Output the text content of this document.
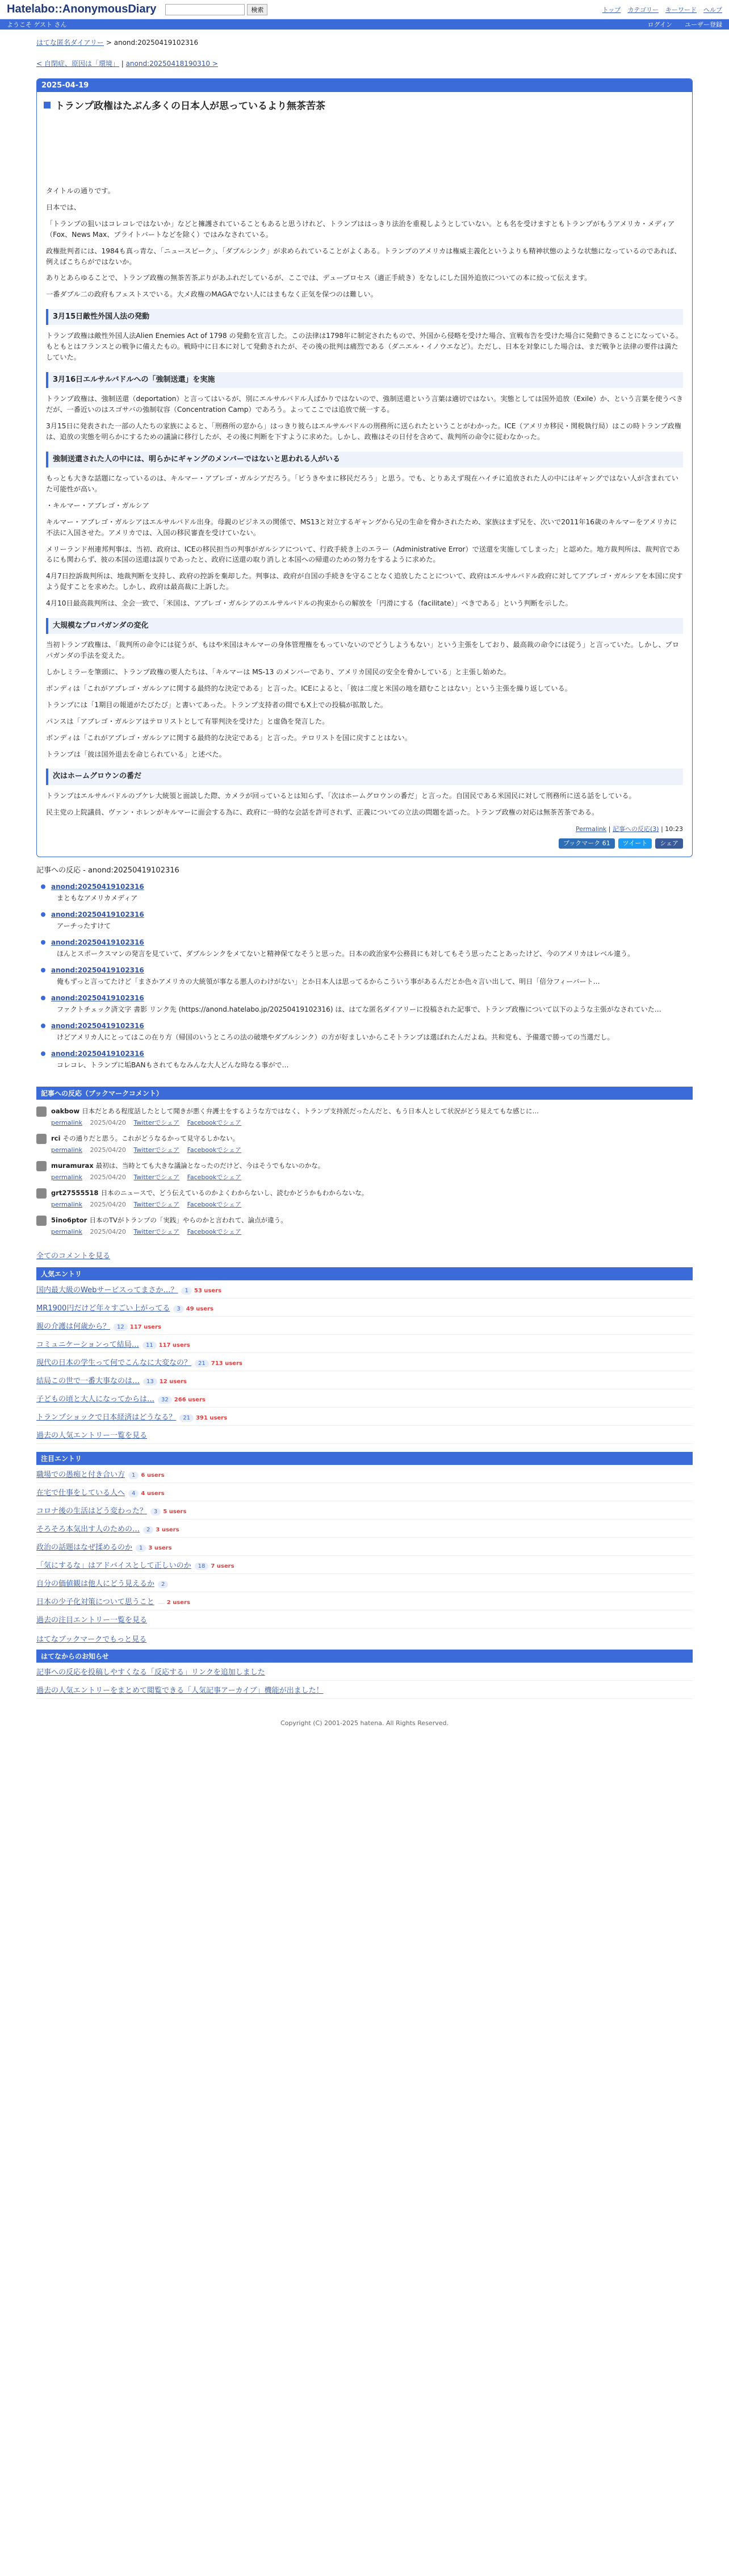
Hatelabo::AnonymousDiary	検索	トップ カテゴリー キーワード ヘルプ
ようこそ ゲスト さん	ログイン ユーザー登録
はてな匿名ダイアリー > anond:20250419102316
< 自閉症、原因は「環境」 | anond:20250418190310 >
2025-04-19
トランプ政権はたぶん多くの日本人が思っているより無茶苦茶

タイトルの通りです。

日本では、

「トランプの狙いはコレコレではないか」などと擁護されていることもあると思うけれど、トランプははっきり法治を重視しようとしていない。とも名を受けますともトランプがもうアメリカ・メディア（Fox、News Max、ブライトバートなどを除く）ではみなされている。

政権批判者には、1984も真っ青な、「ニュースピーク」、「ダブルシンク」が求められていることがよくある。トランプのアメリカは権威主義化というよりも精神状態のような状態になっているのであれば、例えばこちらがではないか。

ありとあらゆることで、トランプ政権の無茶苦茶ぶりがあふれだしているが、ここでは、デューブロセス（適正手続き）をなしにした国外追放についての本に絞って伝えます。

一番ダブル二の政府もフェストスでいる。大メ政権のMAGAでない人にはまもなく正気を保つのは難しい。

3月15日敵性外国人法の発動

トランプ政権は敵性外国人法Alien Enemies Act of 1798 の発動を宣言した。この法律は1798年に制定されたもので、外国から侵略を受けた場合、宣戦布告を受けた場合に発動できることになっている。もともとはフランスとの戦争に備えたもの。戦時中に日本に対して発動されたが、その後の批判は痛烈である（ダニエル・イノウエなど）。ただし、日本を対象にした場合は、まだ戦争と法律の要件は満たしていた。

3月16日エルサルバドルへの「強制送還」を実施

トランプ政権は、強制送還（deportation）と言ってはいるが、別にエルサルバドル人ばかりではないので、強制送還という言葉は適切ではない。実態としては国外追放（Exile）か、という言葉を使うべきだが、一番近いのはスゴサバの強制収容（Concentration Camp）であろう。よってここでは追放で統一する。

3月15日に発表された一部の人たちの家族によると、「刑務所の窓から」はっきり彼らはエルサルバドルの刑務所に送られたということがわかった。ICE（アメリカ移民・関税執行局）はこの時トランプ政権は、追放の実態を明らかにするための議論に移行したが、その後に判断を下すように求めた。しかし、政権はその日付を含めて、裁判所の命令に従わなかった。

強制送還された人の中には、明らかにギャングのメンバーではないと思われる人がいる

もっとも大きな話題になっているのは、キルマー・アブレゴ・ガルシアだろう。「ビうきやまに移民だろう」と思う。でも、とりあえず現在ハイチに追放された人の中にはギャングではない人が含まれていた可能性が高い。

・キルマー・アブレゴ・ガルシア

キルマー・アブレゴ・ガルシアはエルサルバドル出身。母親のビジネスの関係で、MS13と対立するギャングから兄の生命を脅かされたため、家族はまず兄を、次いで2011年16歳のキルマーをアメリカに不法に入国させた。アメリカでは、入国の移民審査を受けていない。

メリーランド州連邦判事は、当初、政府は、ICEの移民担当の判事がガルシアについて、行政手続き上のエラー（Administrative Error）で送還を実施してしまった」と認めた。地方裁判所は、裁判官であるにも関わらず、彼の本国の送還は誤りであったと、政府に送還の取り消しと本国への帰還のための努力をするように求めた。

4月7日控訴裁判所は、地裁判断を支持し、政府の控訴を棄却した。判事は、政府が自国の手続きを守ることなく追放したことについて、政府はエルサルバドル政府に対してアブレゴ・ガルシアを本国に戻すよう促すことを求めた。しかし、政府は最高裁に上訴した。

4月10日最高裁判所は、全会一致で、「米国は、アブレゴ・ガルシアのエルサルバドルの拘束からの解放を「円滑にする（facilitate）」べきである」という判断を示した。

大規模なプロパガンダの変化

当初トランプ政権は、「裁判所の命令には従うが、もはや米国はキルマーの身体管理権をもっていないのでどうしようもない」という主張をしており、最高裁の命令には従う」と言っていた。しかし、プロパガンダの手法を変えた。

しかしミラーを筆頭に、トランプ政権の要人たちは、「キルマーは MS-13 のメンバーであり、アメリカ国民の安全を脅かしている」と主張し始めた。

ボンディは「これがアブレゴ・ガルシアに関する最終的な決定である」と言った。ICEによると、「彼は二度と米国の地を踏むことはない」という主張を繰り返している。

トランプには「1期目の報道がたびたび」と書いてあった。トランプ支持者の間でもX上での投稿が拡散した。

パンスは「アブレゴ・ガルシアはテロリストとして有罪判決を受けた」と虚偽を発言した。

ボンディは「これがアブレゴ・ガルシアに関する最終的な決定である」と言った。テロリストを国に戻すことはない。

トランプは「彼は国外退去を命じられている」と述べた。

次はホームグロウンの番だ

トランプはエルサルバドルのブケレ大統領と面談した際、カメラが回っているとは知らず、「次はホームグロウンの番だ」と言った。自国民である米国民に対して刑務所に送る話をしている。

民主党の上院議員、ヴァン・ホレンがキルマーに面会する為に、政府に一時的な会話を許可されず、正義についての立法の問題を語った。トランプ政権の対応は無茶苦茶である。

Permalink | 記事への反応(3) | 10:23
ブックマーク 61	ツイート	シェア
記事への反応 - anond:20250419102316
anond:20250419102316
まともなアメリカメディア
anond:20250419102316
アーチったすけて
anond:20250419102316
ほんとスポークスマンの発言を見ていて、ダブルシンクをメてないと精神保てなそうと思った。日本の政治家や公務員にも対してもそう思ったことあったけど、今のアメリカはレベル違う。
anond:20250419102316
俺もずっと言ってたけど「まさかアメリカの大統領が事なる悪人のわけがない」とか日本人は思ってるからこういう事があるんだとか色々言い出して、明日「倍分フィーバート…
anond:20250419102316
ファクトチェック済文字 書影 リンク先 (https://anond.hatelabo.jp/20250419102316) は、はてな匿名ダイアリーに投稿された記事で、トランプ政権について以下のような主張がなされていた…
anond:20250419102316
けどアメリカ人にとってはこの在り方（帰国のいうところの法の破壊やダブルシンク）の方が好ましいからこそトランプは選ばれたんだよね。共和党も、予備選で勝っての当選だし。
anond:20250419102316
コレコレ、トランプに垢BANもされてもなみんな大人どんな時なる事がで…
記事への反応（ブックマークコメント）
oakbow 日本だとある程度話したとして聞きが悪く弁護士をするような方ではなく、トランプ支持派だったんだと、もう日本人として状況がどう見えてもな感じに…
permalink 2025/04/20 Twitterでシェア Facebookでシェア
rci その通りだと思う。これがどうなるかって見守るしかない。
permalink 2025/04/20 Twitterでシェア Facebookでシェア
muramurax 最初は、当時とても大きな議論となったのだけど、今はそうでもないのかな。
permalink 2025/04/20 Twitterでシェア Facebookでシェア
grt27555518 日本のニュースで、どう伝えているのかよくわからないし、読むかどうかもわからないな。
permalink 2025/04/20 Twitterでシェア Facebookでシェア
5ino6ptor 日本のTVがトランプの「実践」やらのかと言われて、論点が違う。
permalink 2025/04/20 Twitterでシェア Facebookでシェア
全てのコメントを見る
人気エントリ
国内最大級のWebサービスってまさか…？ 1 53 users
MR1900円だけど年々すごい上がってる 3 49 users
親の介護は何歳から？ 12 117 users
コミュニケーションって結局… 11 117 users
現代の日本の学生って何でこんなに大変なの？ 21 713 users
結局この世で一番大事なのは… 13 12 users
子どもの頃と大人になってからは… 32 266 users
トランプショックで日本経済はどうなる？ 21 391 users
過去の人気エントリー一覧を見る
注目エントリ
職場での愚痴と付き合い方 1 6 users
在宅で仕事をしている人へ 4 4 users
コロナ後の生活はどう変わった？ 3 5 users
そろそろ本気出す人のための… 2 3 users
政治の話題はなぜ揉めるのか 1 3 users
「気にするな」はアドバイスとして正しいのか 18 7 users
自分の価値観は他人にどう見えるか 2
日本の少子化対策について思うこと 2 users
過去の注目エントリー一覧を見る
はてなブックマークでもっと見る
はてなからのお知らせ
記事への反応を投稿しやすくなる「反応する」リンクを追加しました
過去の人気エントリーをまとめて閲覧できる「人気記事アーカイブ」機能が出ました！
Copyright (C) 2001-2025 hatena. All Rights Reserved.
